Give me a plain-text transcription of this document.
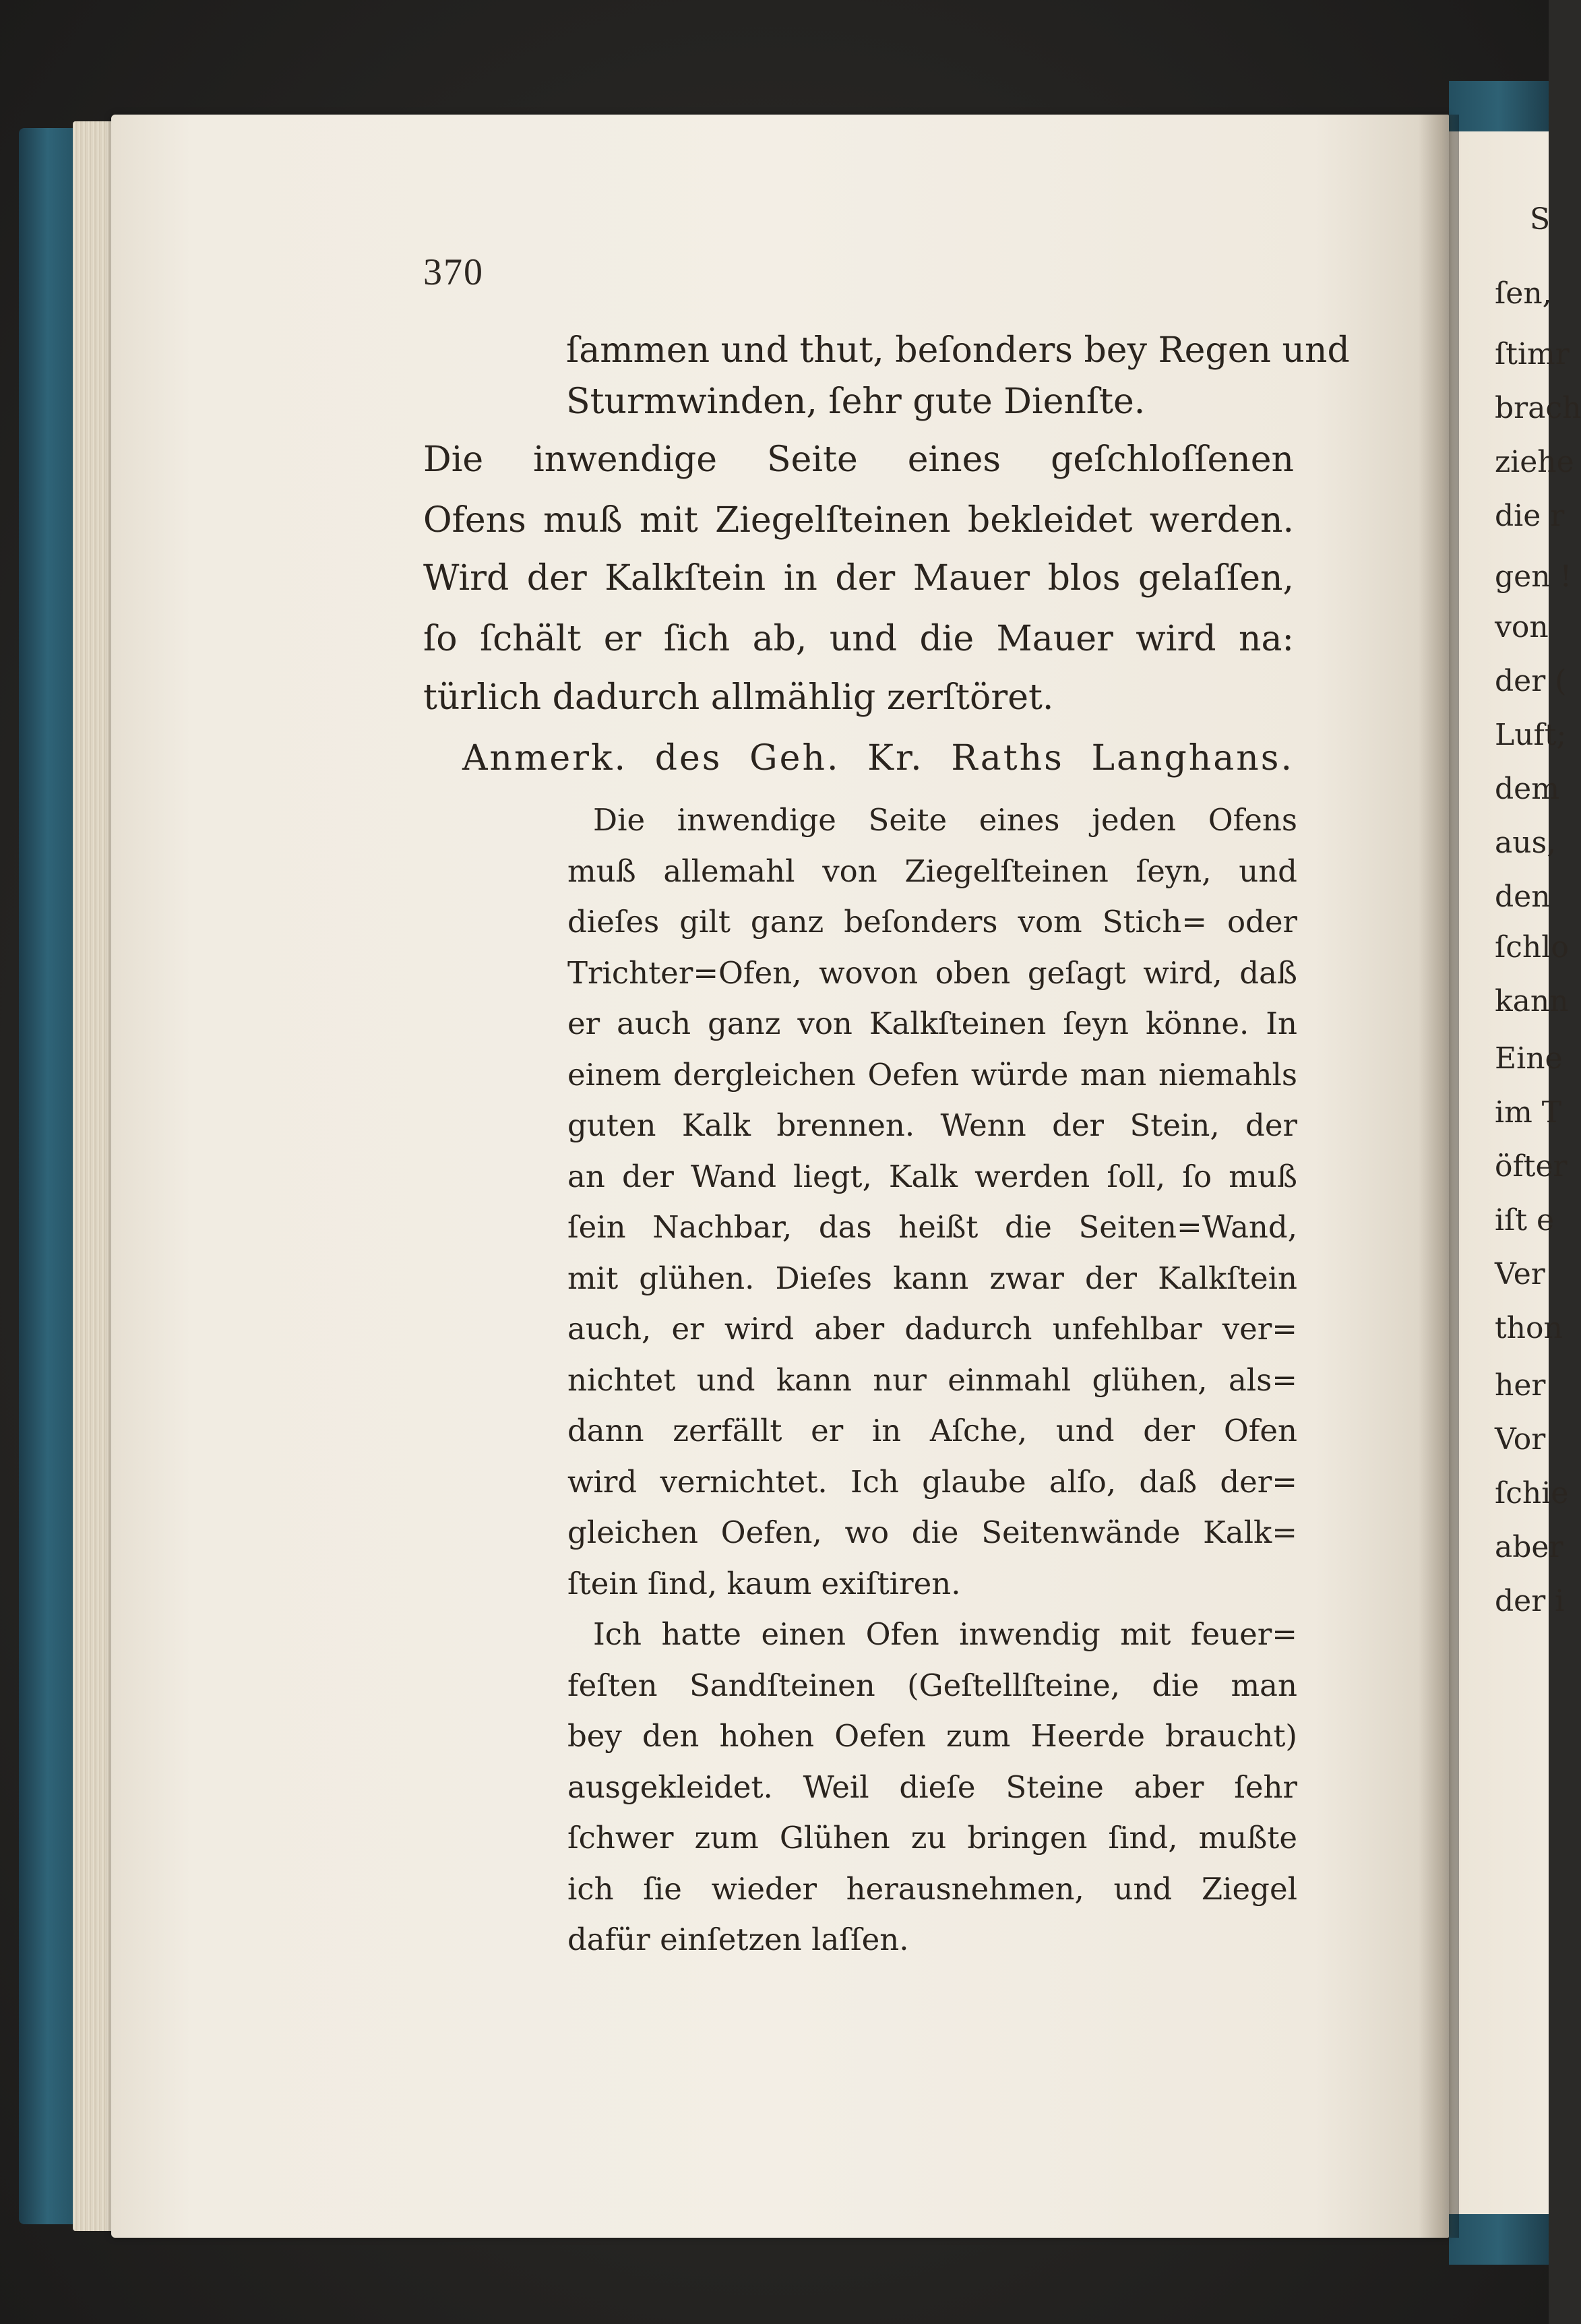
S
ſen,
ſtimr
brach
ziehe
die r
gen !
von
der (
Luft;
dem
aus,
den
ſchlo
kann
Eine
im T
öfter
iſt e
Ver
thon
her
Vor
ſchie
aber
der i
370
ſammen und thut, beſonders bey Regen und
Sturmwinden, ſehr gute Dienſte.
Die inwendige Seite eines geſchloſſenen
Ofens muß mit Ziegelſteinen bekleidet werden.
Wird der Kalkſtein in der Mauer blos gelaſſen,
ſo ſchält er ſich ab, und die Mauer wird na:
türlich dadurch allmählig zerſtöret.
Anmerk. des Geh. Kr. Raths Langhans.
Die inwendige Seite eines jeden Ofens
muß allemahl von Ziegelſteinen ſeyn, und
dieſes gilt ganz beſonders vom Stich= oder
Trichter=Ofen, wovon oben geſagt wird, daß
er auch ganz von Kalkſteinen ſeyn könne. In
einem dergleichen Oefen würde man niemahls
guten Kalk brennen. Wenn der Stein, der
an der Wand liegt, Kalk werden ſoll, ſo muß
ſein Nachbar, das heißt die Seiten=Wand,
mit glühen. Dieſes kann zwar der Kalkſtein
auch, er wird aber dadurch unfehlbar ver=
nichtet und kann nur einmahl glühen, als=
dann zerfällt er in Aſche, und der Ofen
wird vernichtet. Ich glaube alſo, daß der=
gleichen Oefen, wo die Seitenwände Kalk=
ſtein ſind, kaum exiſtiren.
Ich hatte einen Ofen inwendig mit feuer=
feſten Sandſteinen (Geſtellſteine, die man
bey den hohen Oefen zum Heerde braucht)
ausgekleidet. Weil dieſe Steine aber ſehr
ſchwer zum Glühen zu bringen ſind, mußte
ich ſie wieder herausnehmen, und Ziegel
dafür einſetzen laſſen.
